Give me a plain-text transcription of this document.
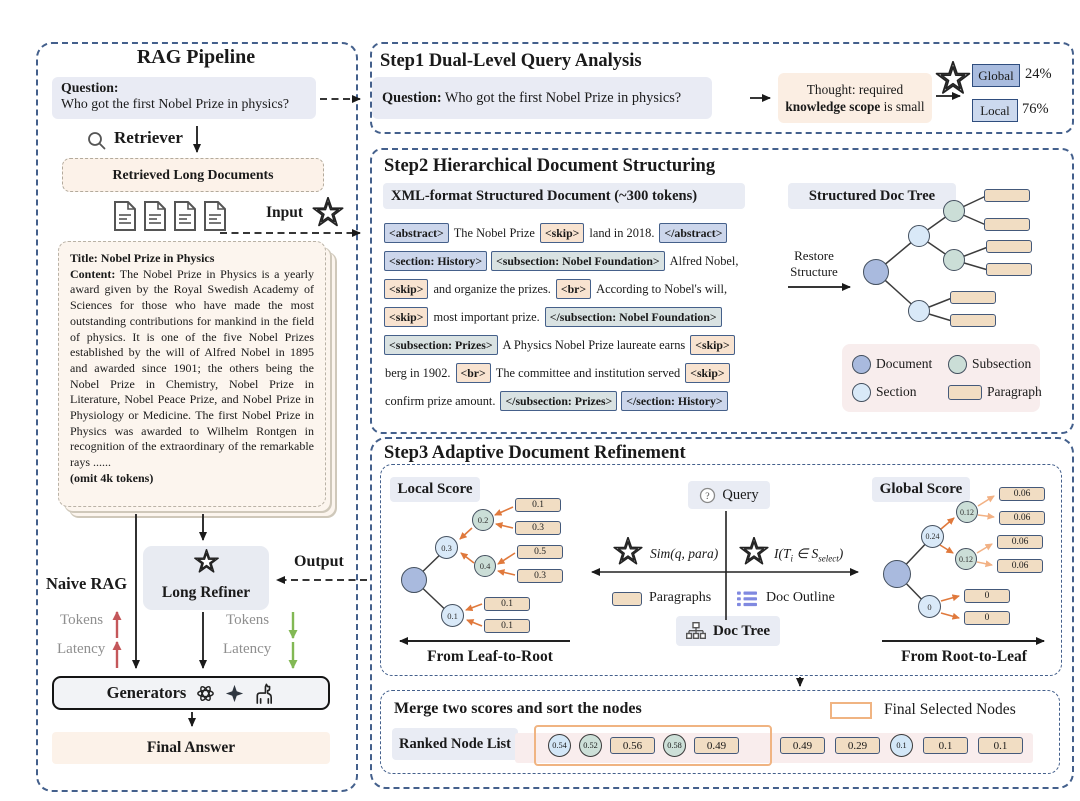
RAG Pipeline
Question:
Who got the first Nobel Prize in physics?
Retriever
Retrieved Long Documents
Input
Title: Nobel Prize in Physics
Content: The Nobel Prize in Physics is a yearly award given by the Royal Swedish Academy of Sciences for those who have made the most outstanding contributions for mankind in the field of physics. It is one of the five Nobel Prizes established by the will of Alfred Nobel in 1895 and awarded since 1901; the others being the Nobel Prize in Chemistry, Nobel Prize in Literature, Nobel Peace Prize, and Nobel Prize in Physiology or Medicine. The first Nobel Prize in Physics was awarded to Wilhelm Rontgen in recognition of the extraordinary of the remarkable rays ......
(omit 4k tokens)
Long Refiner
Output
Naive RAG
Tokens
Latency
Tokens
Latency
Generators
Final Answer
Step1 Dual-Level Query Analysis
Question: Who got the first Nobel Prize in physics?	Thought: required
knowledge scope is small
Global 24%
Local 76%
Step2 Hierarchical Document Structuring
XML-format Structured Document (~300 tokens)	Structured Doc Tree
<abstract> The Nobel Prize <skip> land in 2018. </abstract>
<section: History>	<subsection: Nobel Foundation> Alfred Nobel,
<skip> and organize the prizes. <br> According to Nobel's will,
<skip> most important prize. </subsection: Nobel Foundation>
<subsection: Prizes> A Physics Nobel Prize laureate earns <skip>
berg in 1902. <br> The committee and institution served <skip>
confirm prize amount. </subsection: Prizes>	</section: History>
Restore
Structure
Document	Subsection
Section	Paragraph
Step3 Adaptive Document Refinement
Local Score	Global Score
0.3
0.1
0.2
0.4
0.1
0.3
0.5
0.3
0.1
0.1
From Leaf-to-Root
? Query
Sim(q, para)	$I(T_i$ ∈ $S_{select}$)
Paragraphs	Doc Outline
Doc Tree
0.24
0
0.12
0.12
0.06
0.06
0.06
0.06
0
0
From Root-to-Leaf
Merge two scores and sort the nodes	Final Selected Nodes
Ranked Node List	0.54	0.52	0.56	0.58	0.49	0.49	0.29	0.1	0.1	0.1
